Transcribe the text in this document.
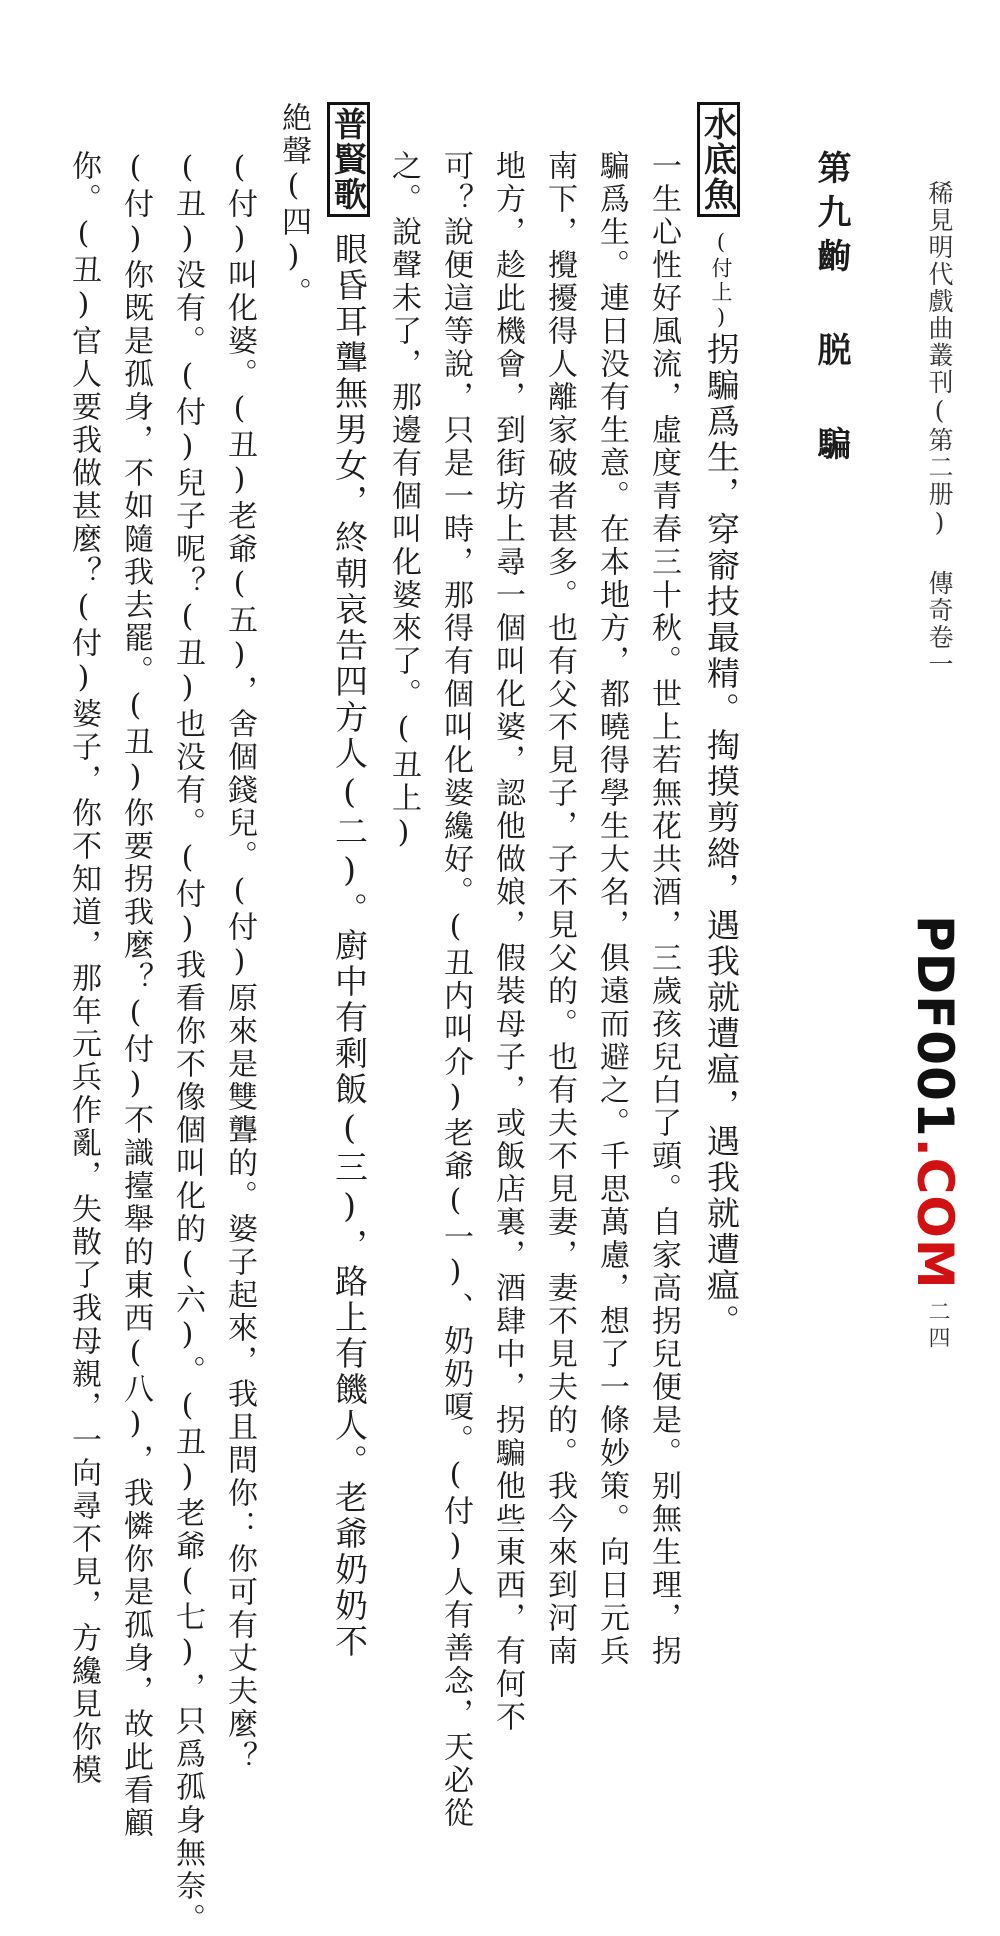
稀見明代戲曲叢刊(第二册) 傳奇卷一
二四
第九齣 脱 騙
PDF001.COM
水底魚
(付上)拐騙爲生，穿窬技最精。掏摸剪綹，遇我就遭瘟，遇我就遭瘟。
一生心性好風流，虛度青春三十秋。世上若無花共酒，三歲孩兒白了頭。自家高拐兒便是。别無生理，拐
騙爲生。連日没有生意。在本地方，都曉得學生大名，俱遠而避之。千思萬慮，想了一條妙策。向日元兵
南下，攪擾得人離家破者甚多。也有父不見子，子不見父的。也有夫不見妻，妻不見夫的。我今來到河南
地方，趁此機會，到街坊上尋一個叫化婆，認他做娘，假裝母子，或飯店裏，酒肆中，拐騙他些東西，有何不
可？說便這等說，只是一時，那得有個叫化婆纔好。(丑内叫介)老爺(一)、奶奶嗄。(付)人有善念，天必從
之。說聲未了，那邊有個叫化婆來了。(丑上)
普賢歌
眼昏耳聾無男女，終朝哀告四方人(二)。廚中有剩飯(三)，路上有饑人。老爺奶奶不
絶聲(四)。
(付)叫化婆。(丑)老爺(五)，舍個錢兒。(付)原來是雙聾的。婆子起來，我且問你：你可有丈夫麼？
(丑)没有。(付)兒子呢？(丑)也没有。(付)我看你不像個叫化的(六)。(丑)老爺(七)，只爲孤身無奈。
(付)你既是孤身，不如隨我去罷。(丑)你要拐我麼？(付)不識擡舉的東西(八)，我憐你是孤身，故此看顧
你。(丑)官人要我做甚麼？(付)婆子，你不知道，那年元兵作亂，失散了我母親，一向尋不見，方纔見你模
